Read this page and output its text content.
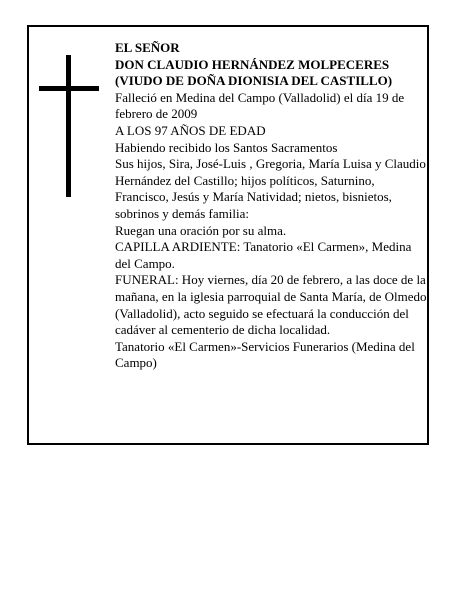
EL SEÑOR

DON CLAUDIO HERNÁNDEZ MOLPECERES

(VIUDO DE DOÑA DIONISIA DEL CASTILLO)

Falleció en Medina del Campo (Valladolid) el día 19 de febrero de 2009

A LOS 97 AÑOS DE EDAD

Habiendo recibido los Santos Sacramentos

Sus hijos, Sira, José-Luis , Gregoria, María Luisa y Claudio Hernández del Castillo; hijos políticos, Saturnino, Francisco, Jesús y María Natividad; nietos, bisnietos, sobrinos y demás familia:

Ruegan una oración por su alma.

CAPILLA ARDIENTE: Tanatorio «El Carmen», Medina del Campo.

FUNERAL: Hoy viernes, día 20 de febrero, a las doce de la mañana, en la iglesia parroquial de Santa María, de Olmedo (Valladolid), acto seguido se efectuará la conducción del cadáver al cementerio de dicha localidad.

Tanatorio «El Carmen»-Servicios Funerarios (Medina del Campo)
